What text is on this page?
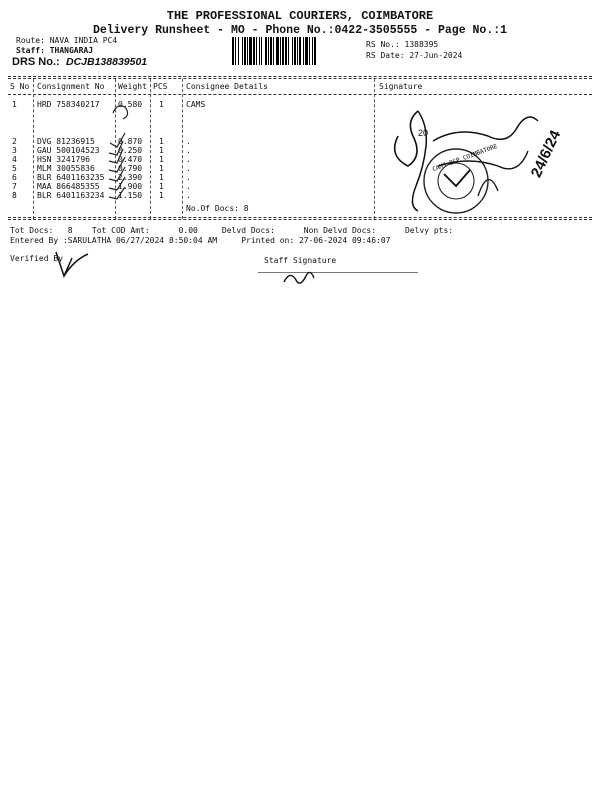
THE PROFESSIONAL COURIERS, COIMBATORE
Delivery Runsheet - MO - Phone No.:0422-3505555 - Page No.:1
Route: NAVA INDIA PC4
Staff: THANGARAJ
DRS No.: DCJB138839501
RS No.: 1388395
RS Date: 27-Jun-2024
S No Consignment No Weight PCS Consignee Details	Signature
1	HRD 758340217 0.580 1	CAMS
2	DVG 81236915	0.870 1	.
3	GAU 500104523 0.250 1	.
4	HSN 3241796	0.470 1	.
5	MLM 30055836	0.790 1	.
6	BLR 6401163235 2.390 1	.
7	MAA 866485355 1.900 1	.
8	BLR 6401163234 1.150 1	.
No.Of Docs: 8
CAMS BCP COIMBATORE
20	24/6/24
Tot Docs:   8    Tot COD Amt:      0.00     Delvd Docs:      Non Delvd Docs:      Delvy pts:
Entered By :SARULATHA 06/27/2024 8:50:04 AM     Printed on: 27-06-2024 09:46:07
Verified By	Staff Signature
